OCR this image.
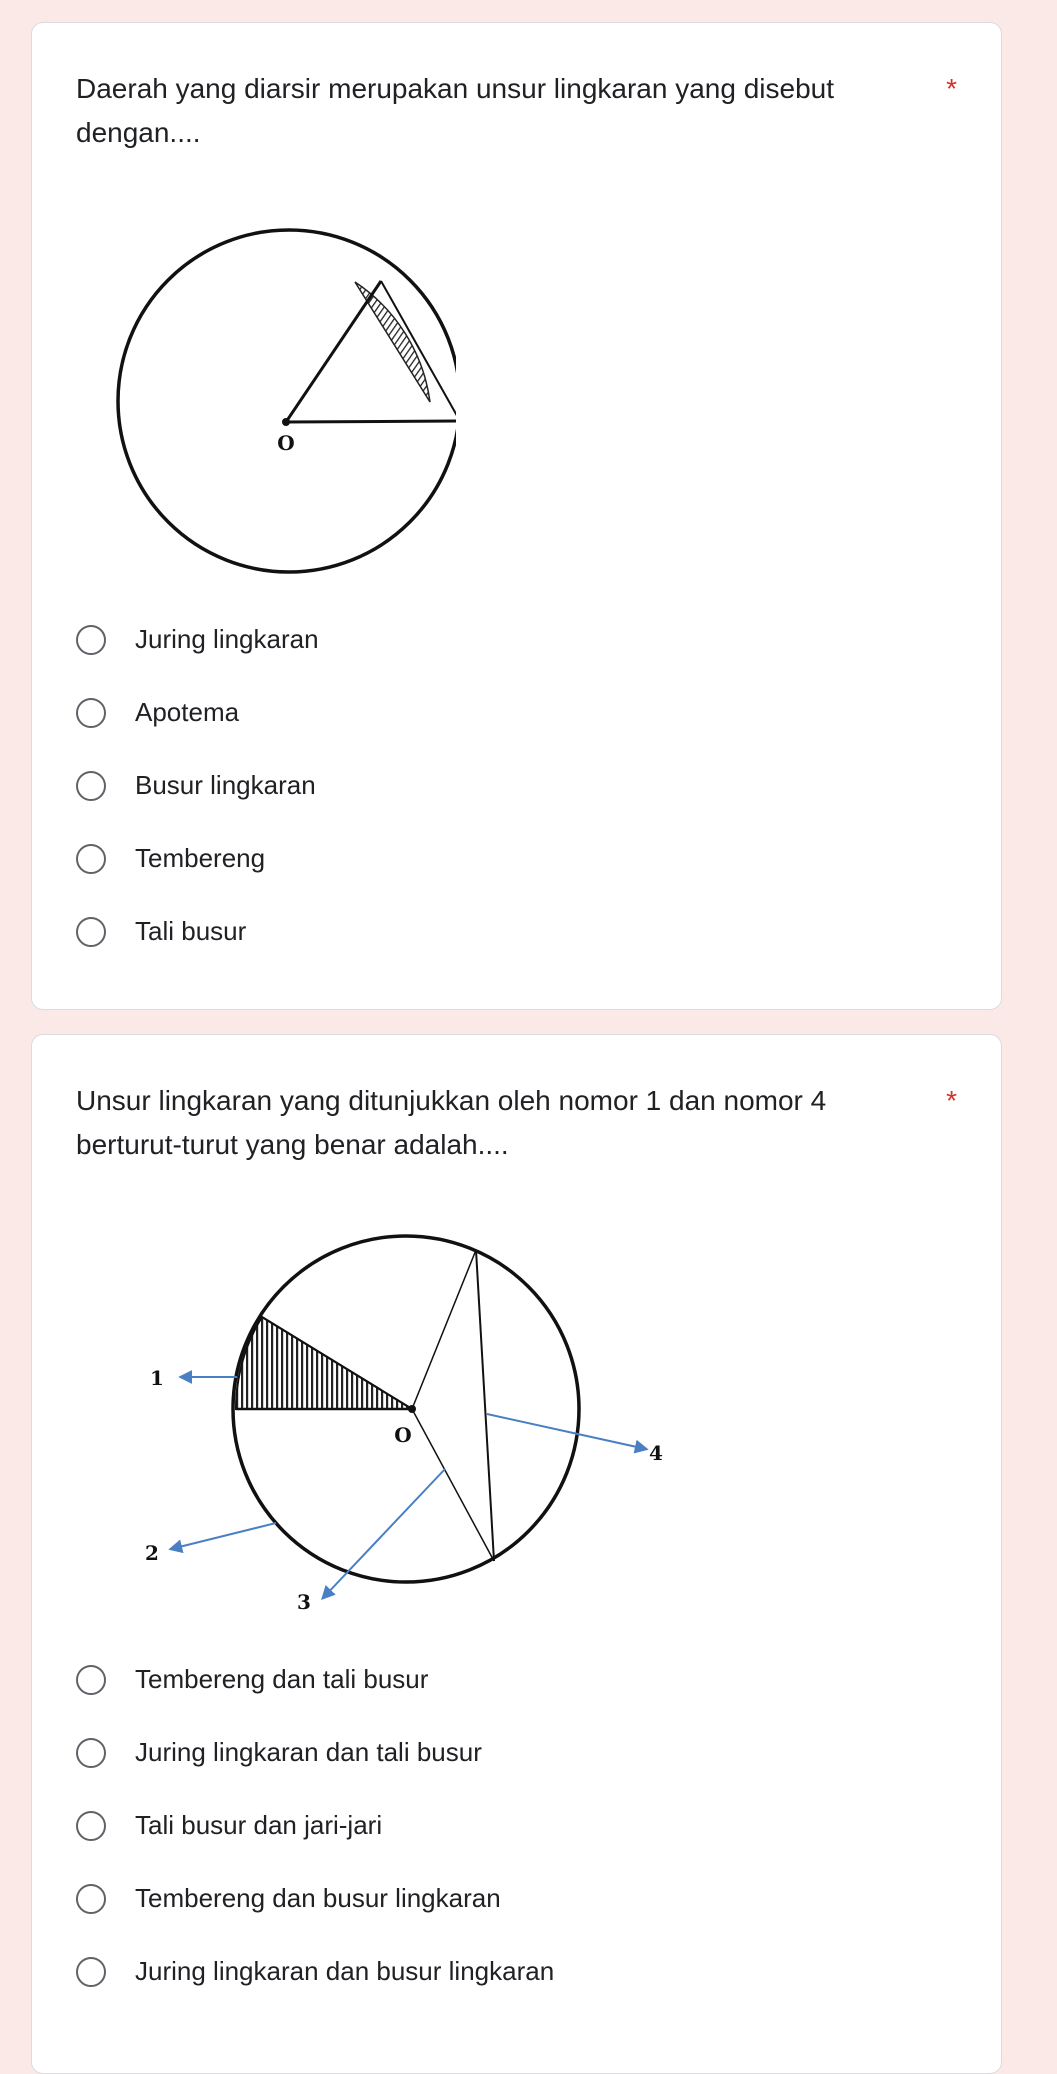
Daerah yang diarsir merupakan unsur lingkaran yang disebut dengan....
*
O
Juring lingkaran
Apotema
Busur lingkaran
Tembereng
Tali busur
Unsur lingkaran yang ditunjukkan oleh nomor 1 dan nomor 4 berturut-turut yang benar adalah....
*
O
1
2
3
4
Tembereng dan tali busur
Juring lingkaran dan tali busur
Tali busur dan jari-jari
Tembereng dan busur lingkaran
Juring lingkaran dan busur lingkaran
